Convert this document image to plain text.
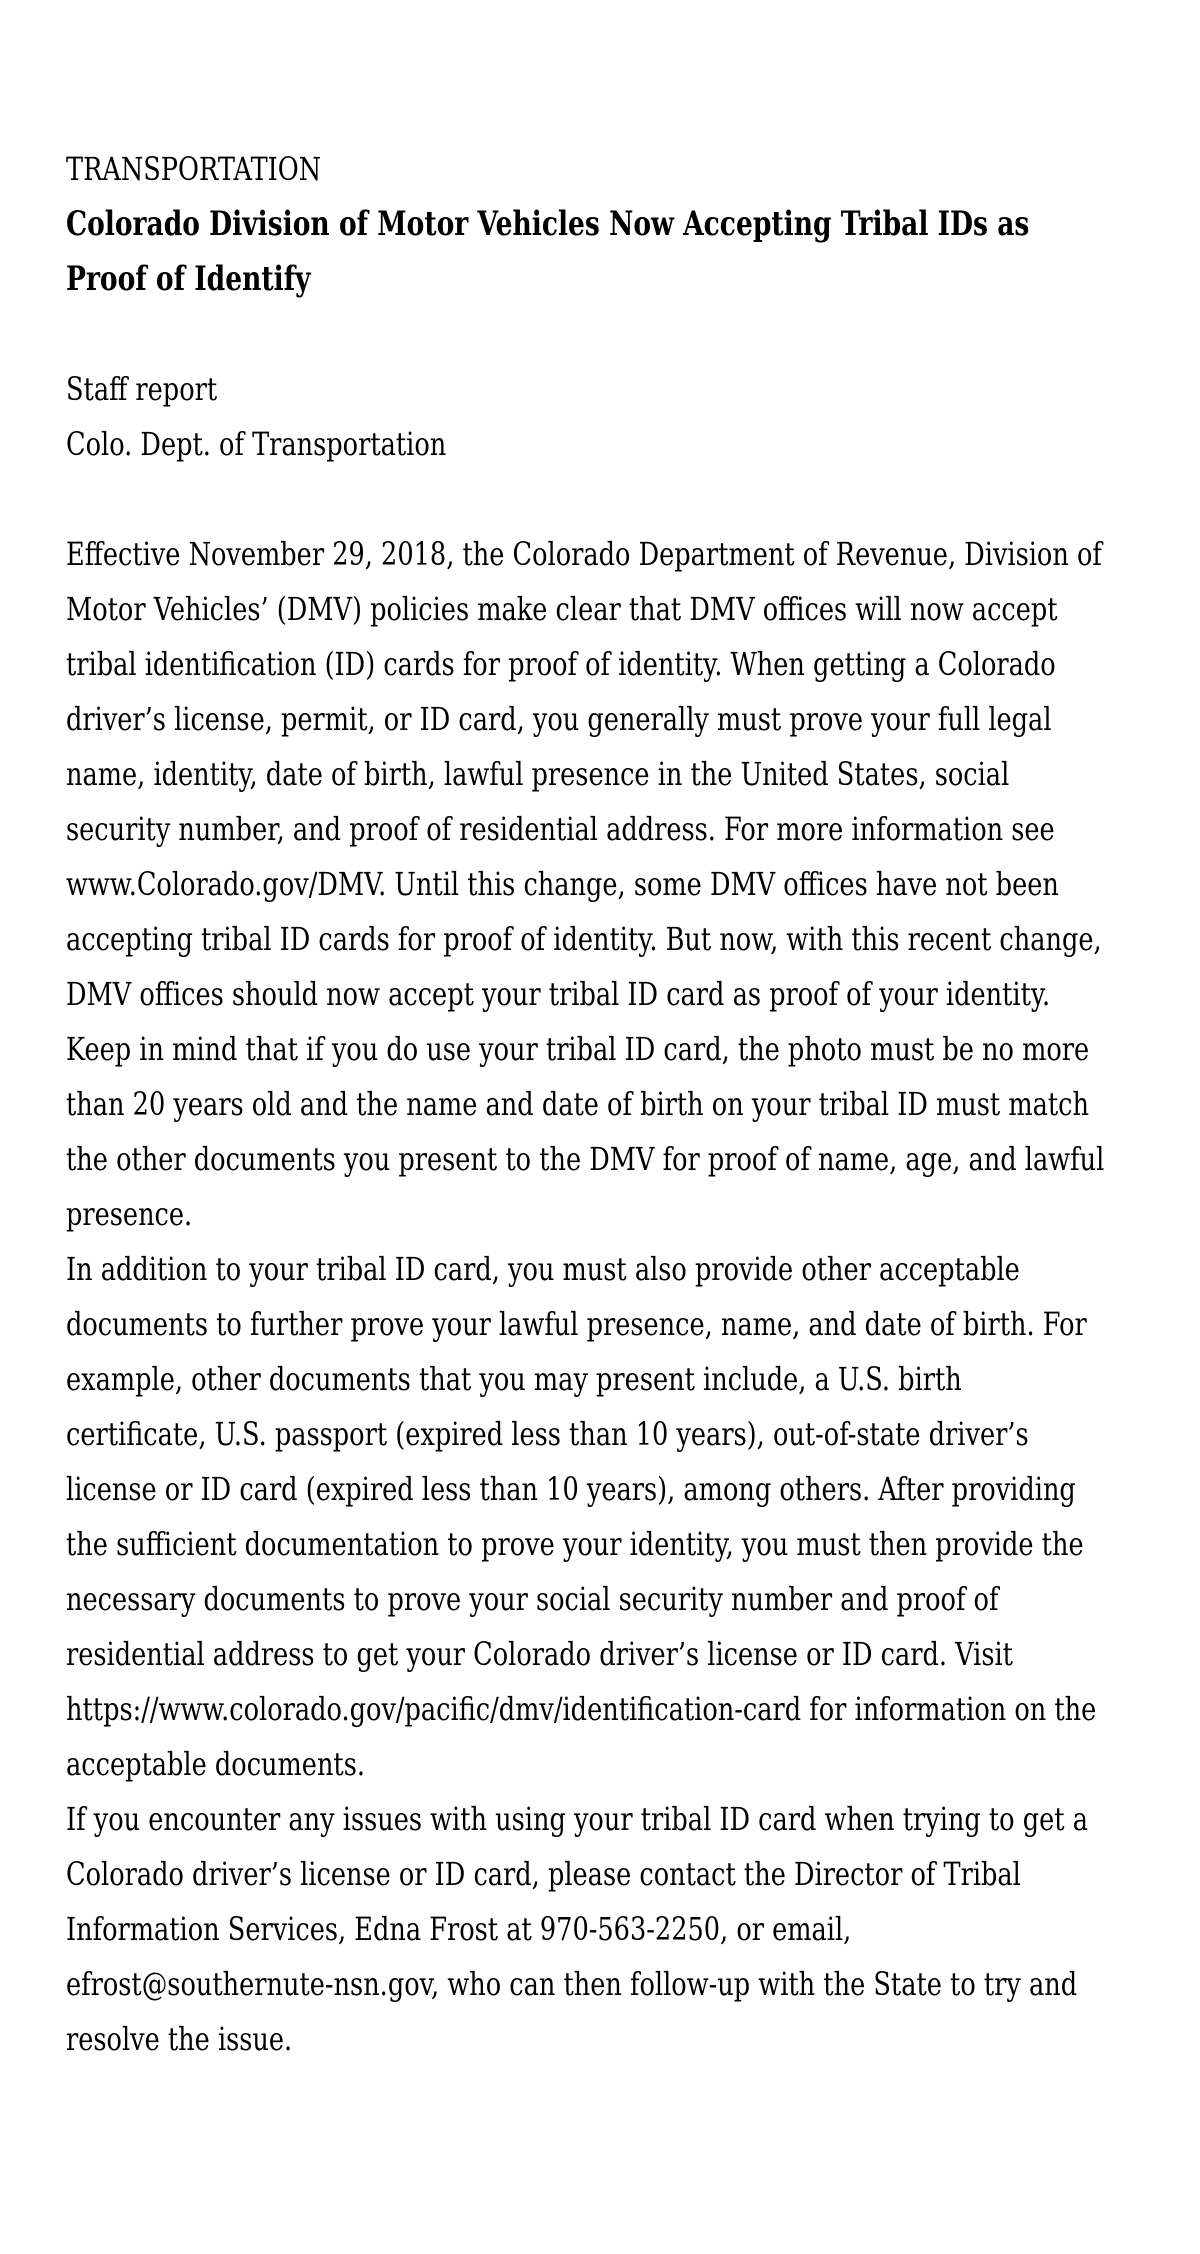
TRANSPORTATION
Colorado Division of Motor Vehicles Now Accepting Tribal IDs as Proof of Identify
Staff report
Colo. Dept. of Transportation

Effective November 29, 2018, the Colorado Department of Revenue, Division of Motor Vehicles’ (DMV) policies make clear that DMV offices will now accept tribal identification (ID) cards for proof of identity. When getting a Colorado driver’s license, permit, or ID card, you generally must prove your full legal name, identity, date of birth, lawful presence in the United States, social security number, and proof of residential address. For more information see www.Colorado.gov/DMV. Until this change, some DMV offices have not been accepting tribal ID cards for proof of identity. But now, with this recent change, DMV offices should now accept your tribal ID card as proof of your identity. Keep in mind that if you do use your tribal ID card, the photo must be no more than 20 years old and the name and date of birth on your tribal ID must match the other documents you present to the DMV for proof of name, age, and lawful presence.

In addition to your tribal ID card, you must also provide other acceptable documents to further prove your lawful presence, name, and date of birth. For example, other documents that you may present include, a U.S. birth certificate, U.S. passport (expired less than 10 years), out-of-state driver’s license or ID card (expired less than 10 years), among others. After providing the sufficient documentation to prove your identity, you must then provide the necessary documents to prove your social security number and proof of residential address to get your Colorado driver’s license or ID card. Visit https://www.colorado.gov/pacific/dmv/identification-card for information on the acceptable documents.

If you encounter any issues with using your tribal ID card when trying to get a Colorado driver’s license or ID card, please contact the Director of Tribal Information Services, Edna Frost at 970-563-2250, or email, efrost@southernute-nsn.gov, who can then follow-up with the State to try and resolve the issue.
